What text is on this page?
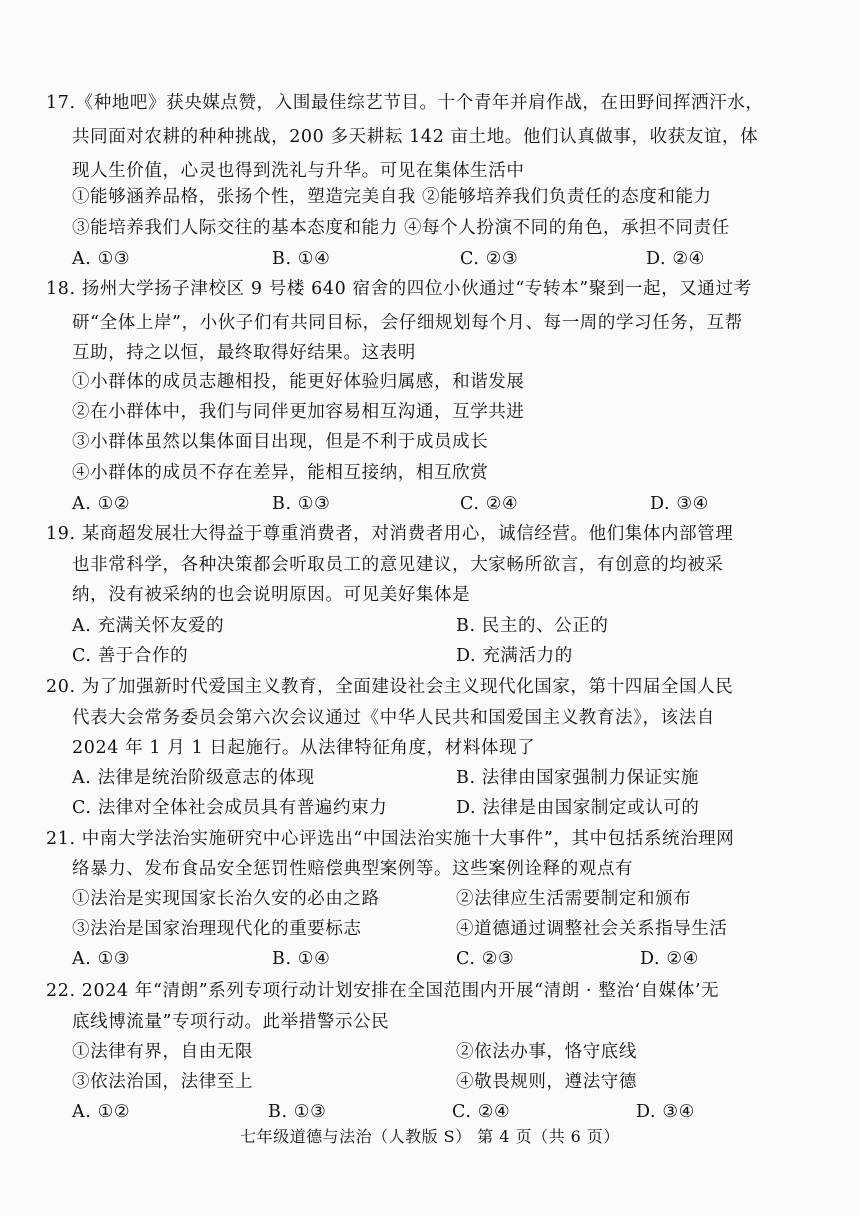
17.《种地吧》获央媒点赞，入围最佳综艺节目。十个青年并肩作战，在田野间挥洒汗水，
共同面对农耕的种种挑战，200 多天耕耘 142 亩土地。他们认真做事，收获友谊，体
现人生价值，心灵也得到洗礼与升华。可见在集体生活中
①能够涵养品格，张扬个性，塑造完美自我 ②能够培养我们负责任的态度和能力
③能培养我们人际交往的基本态度和能力 ④每个人扮演不同的角色，承担不同责任
A. ①③	B. ①④	C. ②③	D. ②④
18. 扬州大学扬子津校区 9 号楼 640 宿舍的四位小伙通过“专转本”聚到一起，又通过考
研“全体上岸”，小伙子们有共同目标，会仔细规划每个月、每一周的学习任务，互帮
互助，持之以恒，最终取得好结果。这表明
①小群体的成员志趣相投，能更好体验归属感，和谐发展
②在小群体中，我们与同伴更加容易相互沟通，互学共进
③小群体虽然以集体面目出现，但是不利于成员成长
④小群体的成员不存在差异，能相互接纳，相互欣赏
A. ①②	B. ①③	C. ②④	D. ③④
19. 某商超发展壮大得益于尊重消费者，对消费者用心，诚信经营。他们集体内部管理
也非常科学，各种决策都会听取员工的意见建议，大家畅所欲言，有创意的均被采
纳，没有被采纳的也会说明原因。可见美好集体是
A. 充满关怀友爱的	B. 民主的、公正的
C. 善于合作的	D. 充满活力的
20. 为了加强新时代爱国主义教育，全面建设社会主义现代化国家，第十四届全国人民
代表大会常务委员会第六次会议通过《中华人民共和国爱国主义教育法》，该法自
2024 年 1 月 1 日起施行。从法律特征角度，材料体现了
A. 法律是统治阶级意志的体现	B. 法律由国家强制力保证实施
C. 法律对全体社会成员具有普遍约束力	D. 法律是由国家制定或认可的
21. 中南大学法治实施研究中心评选出“中国法治实施十大事件”，其中包括系统治理网
络暴力、发布食品安全惩罚性赔偿典型案例等。这些案例诠释的观点有
①法治是实现国家长治久安的必由之路	②法律应生活需要制定和颁布
③法治是国家治理现代化的重要标志	④道德通过调整社会关系指导生活
A. ①③	B. ①④	C. ②③	D. ②④
22. 2024 年“清朗”系列专项行动计划安排在全国范围内开展“清朗 · 整治‘自媒体’无
底线博流量”专项行动。此举措警示公民
①法律有界，自由无限	②依法办事，恪守底线
③依法治国，法律至上	④敬畏规则，遵法守德
A. ①②	B. ①③	C. ②④	D. ③④
七年级道德与法治（人教版 S） 第 4 页（共 6 页）
